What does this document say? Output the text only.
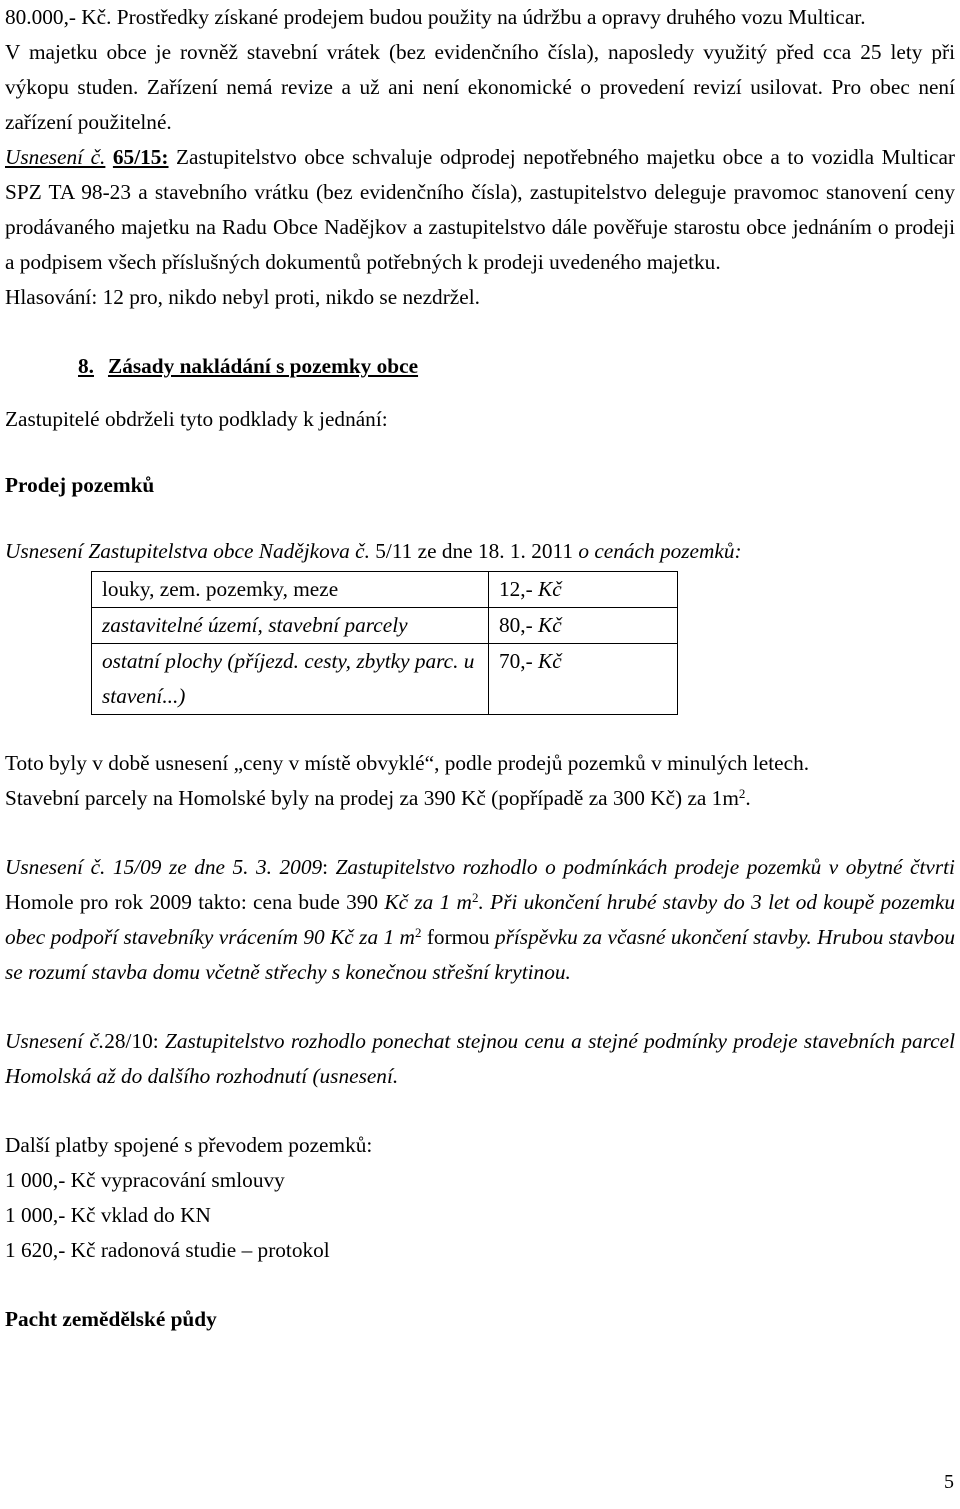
80.000,- Kč. Prostředky získané prodejem budou použity na údržbu a opravy druhého vozu Multicar.

V majetku obce je rovněž stavební vrátek (bez evidenčního čísla), naposledy využitý před cca 25 lety při výkopu studen. Zařízení nemá revize a už ani není ekonomické o provedení revizí usilovat. Pro obec není zařízení použitelné.

Usnesení č. 65/15: Zastupitelstvo obce schvaluje odprodej nepotřebného majetku obce a to vozidla Multicar SPZ TA 98-23 a stavebního vrátku (bez evidenčního čísla), zastupitelstvo deleguje pravomoc stanovení ceny prodávaného majetku na Radu Obce Nadějkov a zastupitelstvo dále pověřuje starostu obce jednáním o prodeji a podpisem všech příslušných dokumentů potřebných k prodeji uvedeného majetku.

Hlasování: 12 pro, nikdo nebyl proti, nikdo se nezdržel.

8. Zásady nakládání s pozemky obce

Zastupitelé obdrželi tyto podklady k jednání:

Prodej pozemků

Usnesení Zastupitelstva obce Nadějkova č. 5/11 ze dne 18. 1. 2011 o cenách pozemků:

louky, zem. pozemky, meze	12,- Kč
zastavitelné území, stavební parcely	80,- Kč
ostatní plochy (příjezd. cesty, zbytky parc. u stavení...)	70,- Kč

Toto byly v době usnesení „ceny v místě obvyklé“, podle prodejů pozemků v minulých letech.

Stavební parcely na Homolské byly na prodej za 390 Kč (popřípadě za 300 Kč) za $1m^2$.

Usnesení č. 15/09 ze dne 5. 3. 2009: Zastupitelstvo rozhodlo o podmínkách prodeje pozemků v obytné čtvrti Homole pro rok 2009 takto: cena bude 390 Kč za 1 $m^2$. Při ukončení hrubé stavby do 3 let od koupě pozemku obec podpoří stavebníky vrácením 90 Kč za 1 $m^2$ formou příspěvku za včasné ukončení stavby. Hrubou stavbou se rozumí stavba domu včetně střechy s konečnou střešní krytinou.

Usnesení č.28/10: Zastupitelstvo rozhodlo ponechat stejnou cenu a stejné podmínky prodeje stavebních parcel Homolská až do dalšího rozhodnutí (usnesení.

Další platby spojené s převodem pozemků:

1 000,- Kč vypracování smlouvy

1 000,- Kč vklad do KN

1 620,- Kč radonová studie – protokol

Pacht zemědělské půdy

5
